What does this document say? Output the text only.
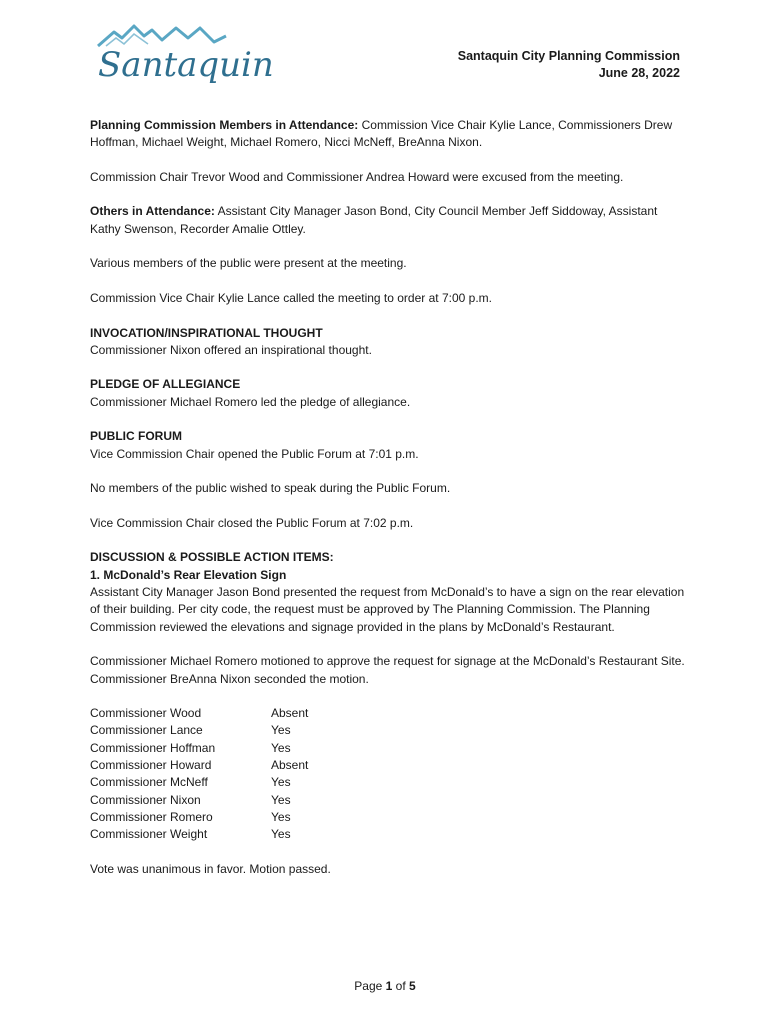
Santaquin	Santaquin City Planning Commission
June 28, 2022
Planning Commission Members in Attendance: Commission Vice Chair Kylie Lance, Commissioners Drew Hoffman, Michael Weight, Michael Romero, Nicci McNeff, BreAnna Nixon.
Commission Chair Trevor Wood and Commissioner Andrea Howard were excused from the meeting.
Others in Attendance: Assistant City Manager Jason Bond, City Council Member Jeff Siddoway, Assistant Kathy Swenson, Recorder Amalie Ottley.
Various members of the public were present at the meeting.
Commission Vice Chair Kylie Lance called the meeting to order at 7:00 p.m.
INVOCATION/INSPIRATIONAL THOUGHT
Commissioner Nixon offered an inspirational thought.
PLEDGE OF ALLEGIANCE
Commissioner Michael Romero led the pledge of allegiance.
PUBLIC FORUM
Vice Commission Chair opened the Public Forum at 7:01 p.m.
No members of the public wished to speak during the Public Forum.
Vice Commission Chair closed the Public Forum at 7:02 p.m.
DISCUSSION & POSSIBLE ACTION ITEMS:
1. McDonald’s Rear Elevation Sign
Assistant City Manager Jason Bond presented the request from McDonald’s to have a sign on the rear elevation of their building. Per city code, the request must be approved by The Planning Commission. The Planning Commission reviewed the elevations and signage provided in the plans by McDonald’s Restaurant.
Commissioner Michael Romero motioned to approve the request for signage at the McDonald’s Restaurant Site. Commissioner BreAnna Nixon seconded the motion.
Commissioner Wood	Absent
Commissioner Lance	Yes
Commissioner Hoffman	Yes
Commissioner Howard	Absent
Commissioner McNeff	Yes
Commissioner Nixon	Yes
Commissioner Romero	Yes
Commissioner Weight	Yes
Vote was unanimous in favor. Motion passed.
Page 1 of 5
